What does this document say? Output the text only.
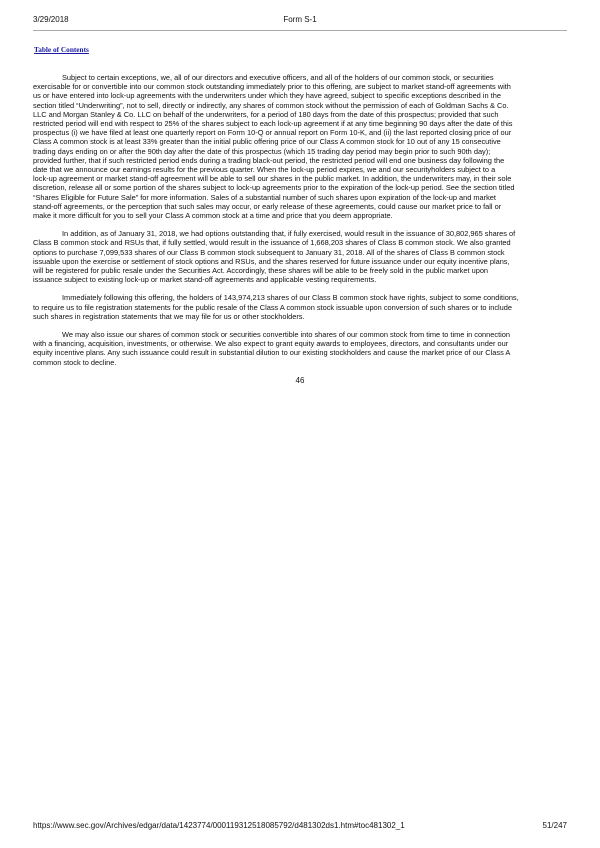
3/29/2018	Form S-1
Table of Contents
Subject to certain exceptions, we, all of our directors and executive officers, and all of the holders of our common stock, or securities
exercisable for or convertible into our common stock outstanding immediately prior to this offering, are subject to market stand-off agreements with
us or have entered into lock-up agreements with the underwriters under which they have agreed, subject to specific exceptions described in the
section titled “Underwriting”, not to sell, directly or indirectly, any shares of common stock without the permission of each of Goldman Sachs & Co.
LLC and Morgan Stanley & Co. LLC on behalf of the underwriters, for a period of 180 days from the date of this prospectus; provided that such
restricted period will end with respect to 25% of the shares subject to each lock-up agreement if at any time beginning 90 days after the date of this
prospectus (i) we have filed at least one quarterly report on Form 10-Q or annual report on Form 10-K, and (ii) the last reported closing price of our
Class A common stock is at least 33% greater than the initial public offering price of our Class A common stock for 10 out of any 15 consecutive
trading days ending on or after the 90th day after the date of this prospectus (which 15 trading day period may begin prior to such 90th day);
provided further, that if such restricted period ends during a trading black-out period, the restricted period will end one business day following the
date that we announce our earnings results for the previous quarter. When the lock-up period expires, we and our securityholders subject to a
lock-up agreement or market stand-off agreement will be able to sell our shares in the public market. In addition, the underwriters may, in their sole
discretion, release all or some portion of the shares subject to lock-up agreements prior to the expiration of the lock-up period. See the section titled
“Shares Eligible for Future Sale” for more information. Sales of a substantial number of such shares upon expiration of the lock-up and market
stand-off agreements, or the perception that such sales may occur, or early release of these agreements, could cause our market price to fall or
make it more difficult for you to sell your Class A common stock at a time and price that you deem appropriate.
In addition, as of January 31, 2018, we had options outstanding that, if fully exercised, would result in the issuance of 30,802,965 shares of
Class B common stock and RSUs that, if fully settled, would result in the issuance of 1,668,203 shares of Class B common stock. We also granted
options to purchase 7,099,533 shares of our Class B common stock subsequent to January 31, 2018. All of the shares of Class B common stock
issuable upon the exercise or settlement of stock options and RSUs, and the shares reserved for future issuance under our equity incentive plans,
will be registered for public resale under the Securities Act. Accordingly, these shares will be able to be freely sold in the public market upon
issuance subject to existing lock-up or market stand-off agreements and applicable vesting requirements.
Immediately following this offering, the holders of 143,974,213 shares of our Class B common stock have rights, subject to some conditions,
to require us to file registration statements for the public resale of the Class A common stock issuable upon conversion of such shares or to include
such shares in registration statements that we may file for us or other stockholders.
We may also issue our shares of common stock or securities convertible into shares of our common stock from time to time in connection
with a financing, acquisition, investments, or otherwise. We also expect to grant equity awards to employees, directors, and consultants under our
equity incentive plans. Any such issuance could result in substantial dilution to our existing stockholders and cause the market price of our Class A
common stock to decline.
46
https://www.sec.gov/Archives/edgar/data/1423774/000119312518085792/d481302ds1.htm#toc481302_1	51/247
